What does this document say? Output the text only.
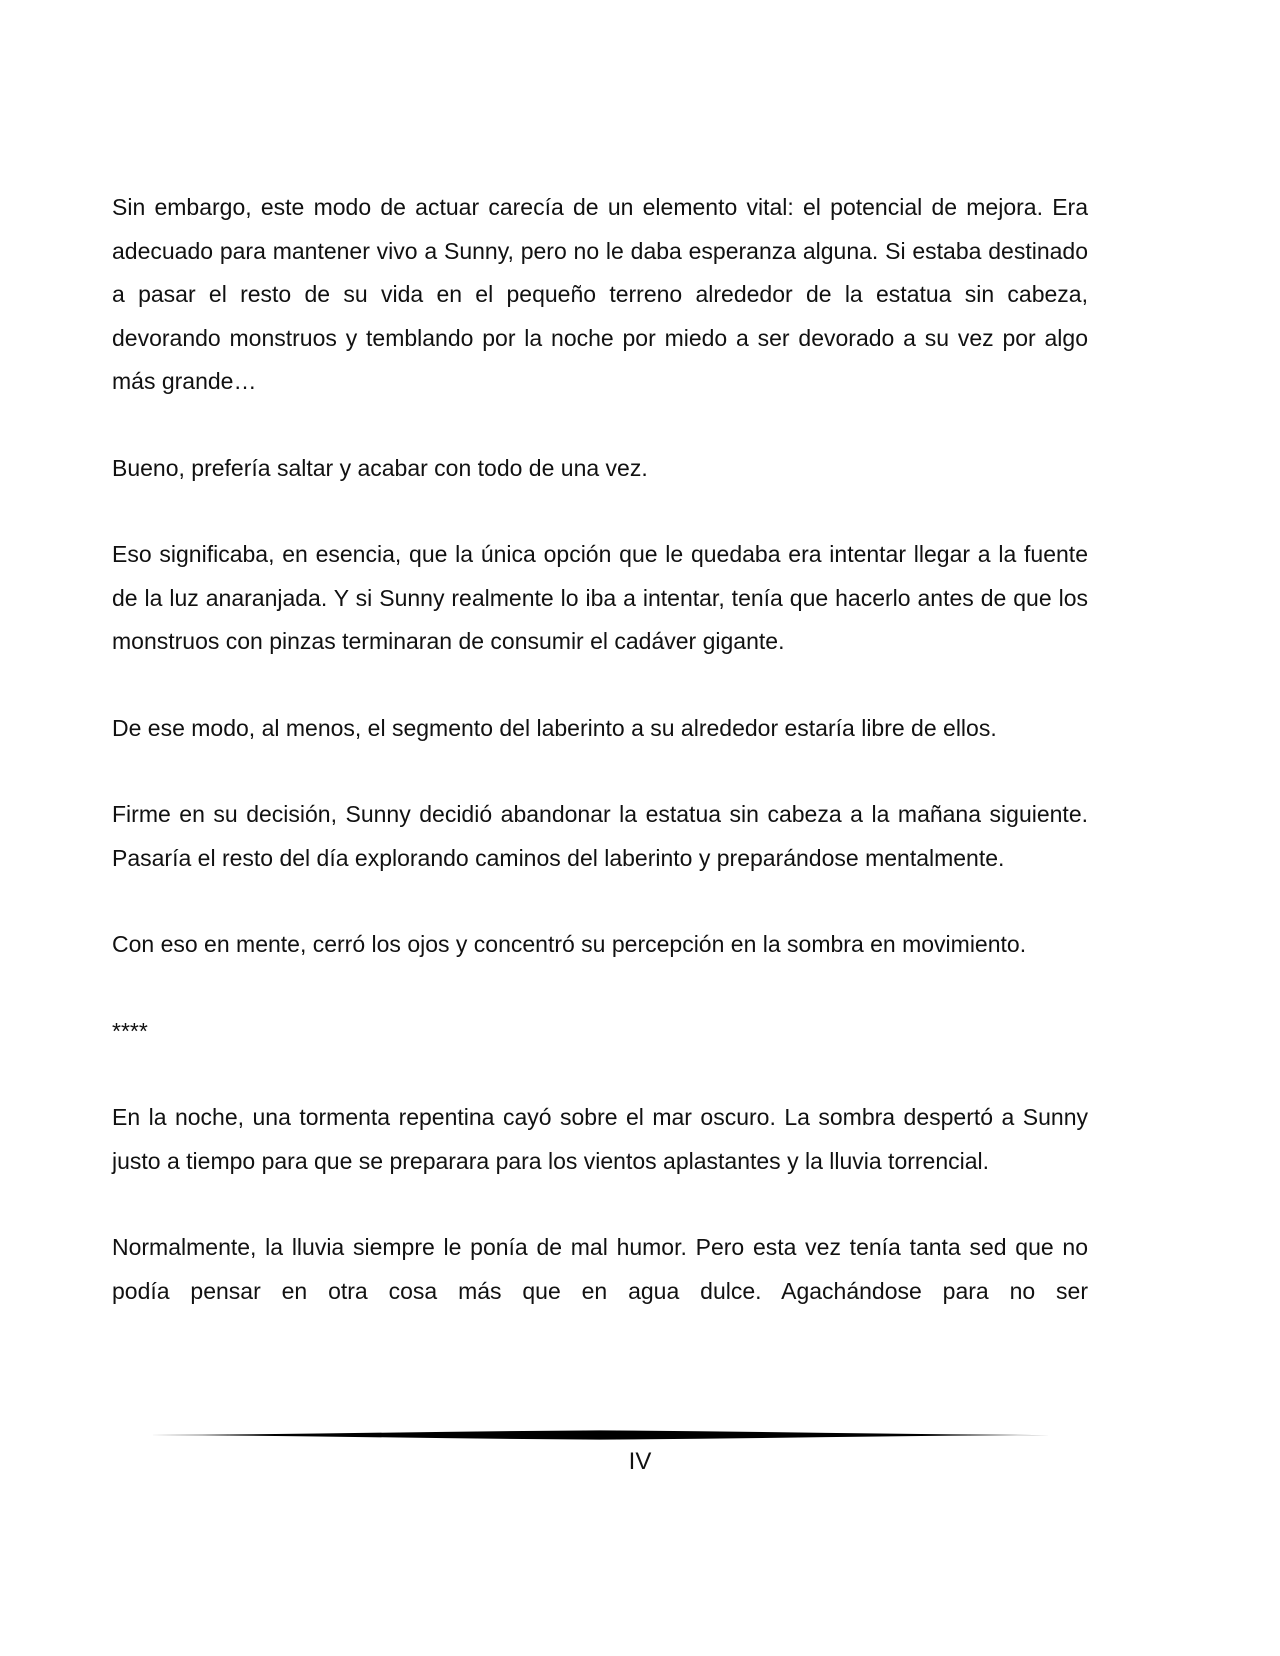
Sin embargo, este modo de actuar carecía de un elemento vital: el potencial de mejora. Era adecuado para mantener vivo a Sunny, pero no le daba esperanza alguna. Si estaba destinado a pasar el resto de su vida en el pequeño terreno alrededor de la estatua sin cabeza, devorando monstruos y temblando por la noche por miedo a ser devorado a su vez por algo más grande…

Bueno, prefería saltar y acabar con todo de una vez.

Eso significaba, en esencia, que la única opción que le quedaba era intentar llegar a la fuente de la luz anaranjada. Y si Sunny realmente lo iba a intentar, tenía que hacerlo antes de que los monstruos con pinzas terminaran de consumir el cadáver gigante.

De ese modo, al menos, el segmento del laberinto a su alrededor estaría libre de ellos.

Firme en su decisión, Sunny decidió abandonar la estatua sin cabeza a la mañana siguiente. Pasaría el resto del día explorando caminos del laberinto y preparándose mentalmente.

Con eso en mente, cerró los ojos y concentró su percepción en la sombra en movimiento.

****

En la noche, una tormenta repentina cayó sobre el mar oscuro. La sombra despertó a Sunny justo a tiempo para que se preparara para los vientos aplastantes y la lluvia torrencial.

Normalmente, la lluvia siempre le ponía de mal humor. Pero esta vez tenía tanta sed que no podía pensar en otra cosa más que en agua dulce. Agachándose para no ser

IV
